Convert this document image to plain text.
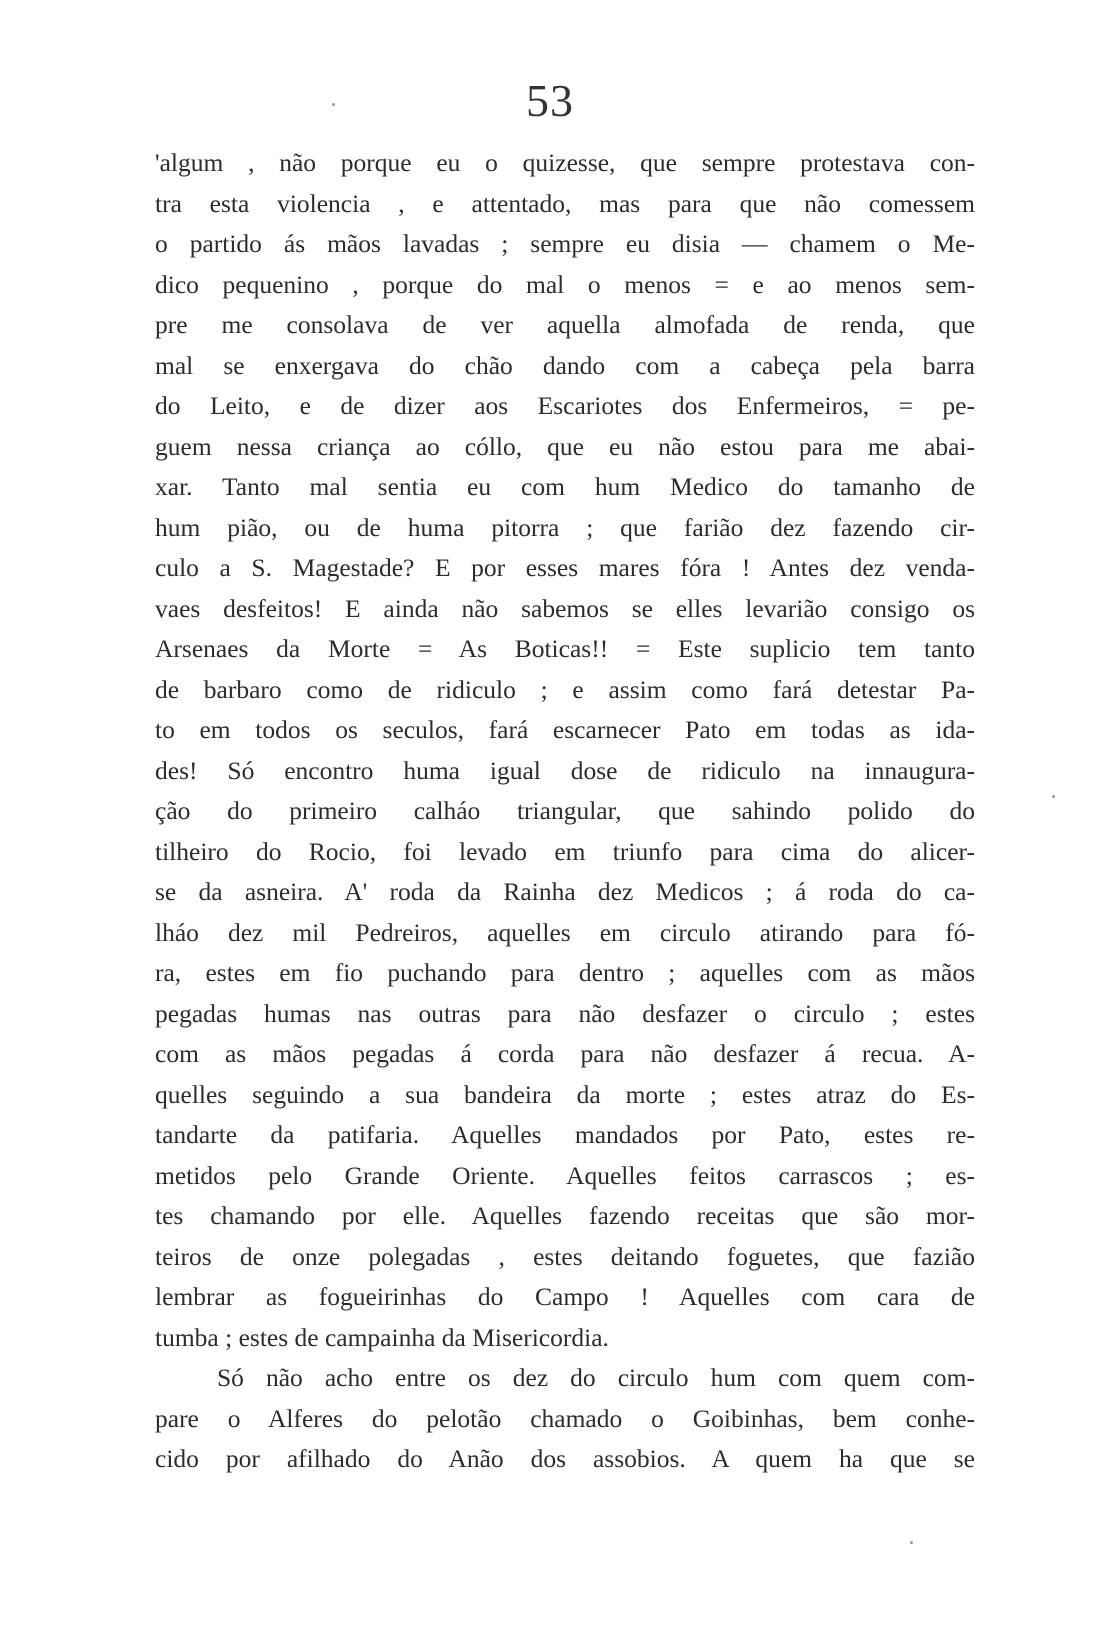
53
'algum , não porque eu o quizesse, que sempre protestava con-
tra esta violencia , e attentado, mas para que não comessem
o partido ás mãos lavadas ; sempre eu disia — chamem o Me-
dico pequenino , porque do mal o menos = e ao menos sem-
pre me consolava de ver aquella almofada de renda, que
mal se enxergava do chão dando com a cabeça pela barra
do Leito, e de dizer aos Escariotes dos Enfermeiros, = pe-
guem nessa criança ao cóllo, que eu não estou para me abai-
xar. Tanto mal sentia eu com hum Medico do tamanho de
hum pião, ou de huma pitorra ; que farião dez fazendo cir-
culo a S. Magestade? E por esses mares fóra ! Antes dez venda-
vaes desfeitos! E ainda não sabemos se elles levarião consigo os
Arsenaes da Morte = As Boticas!! = Este suplicio tem tanto
de barbaro como de ridiculo ; e assim como fará detestar Pa-
to em todos os seculos, fará escarnecer Pato em todas as ida-
des! Só encontro huma igual dose de ridiculo na innaugura-
ção do primeiro calháo triangular, que sahindo polido do
tilheiro do Rocio, foi levado em triunfo para cima do alicer-
se da asneira. A' roda da Rainha dez Medicos ; á roda do ca-
lháo dez mil Pedreiros, aquelles em circulo atirando para fó-
ra, estes em fio puchando para dentro ; aquelles com as mãos
pegadas humas nas outras para não desfazer o circulo ; estes
com as mãos pegadas á corda para não desfazer á recua. A-
quelles seguindo a sua bandeira da morte ; estes atraz do Es-
tandarte da patifaria. Aquelles mandados por Pato, estes re-
metidos pelo Grande Oriente. Aquelles feitos carrascos ; es-
tes chamando por elle. Aquelles fazendo receitas que são mor-
teiros de onze polegadas , estes deitando foguetes, que fazião
lembrar as fogueirinhas do Campo ! Aquelles com cara de
tumba ; estes de campainha da Misericordia.
Só não acho entre os dez do circulo hum com quem com-
pare o Alferes do pelotão chamado o Goibinhas, bem conhe-
cido por afilhado do Anão dos assobios. A quem ha que se
